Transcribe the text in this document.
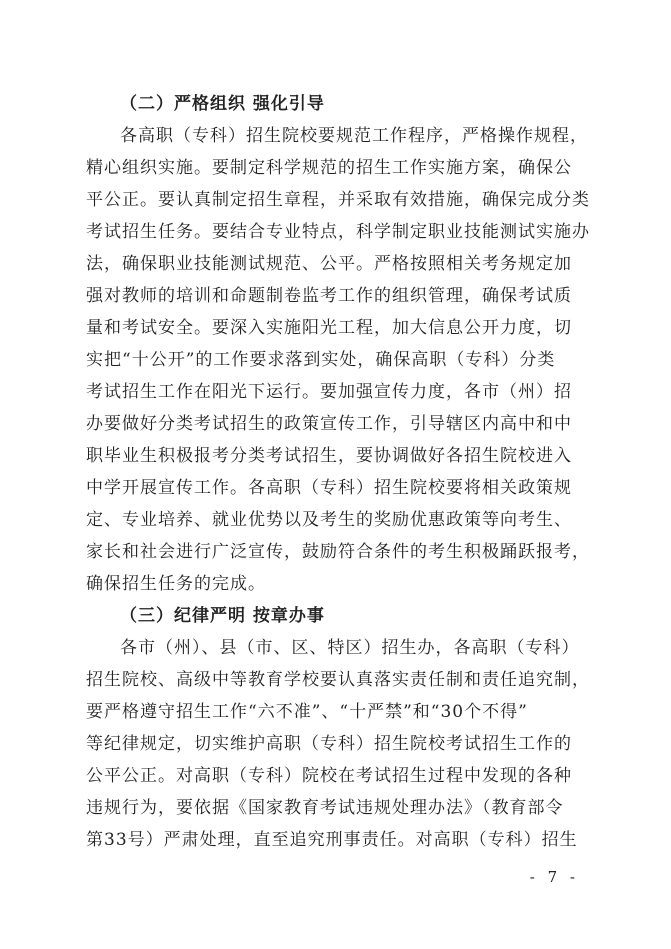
（二）严格组织 强化引导

各高职（专科）招生院校要规范工作程序，严格操作规程，

精心组织实施。要制定科学规范的招生工作实施方案，确保公

平公正。要认真制定招生章程，并采取有效措施，确保完成分类

考试招生任务。要结合专业特点，科学制定职业技能测试实施办

法，确保职业技能测试规范、公平。严格按照相关考务规定加

强对教师的培训和命题制卷监考工作的组织管理，确保考试质

量和考试安全。要深入实施阳光工程，加大信息公开力度，切

实把“十公开”的工作要求落到实处，确保高职（专科）分类

考试招生工作在阳光下运行。要加强宣传力度，各市（州）招

办要做好分类考试招生的政策宣传工作，引导辖区内高中和中

职毕业生积极报考分类考试招生，要协调做好各招生院校进入

中学开展宣传工作。各高职（专科）招生院校要将相关政策规

定、专业培养、就业优势以及考生的奖励优惠政策等向考生、

家长和社会进行广泛宣传，鼓励符合条件的考生积极踊跃报考，

确保招生任务的完成。

（三）纪律严明 按章办事

各市（州）、县（市、区、特区）招生办，各高职（专科）

招生院校、高级中等教育学校要认真落实责任制和责任追究制，

要严格遵守招生工作“六不准”、“十严禁”和“30个不得”

等纪律规定，切实维护高职（专科）招生院校考试招生工作的

公平公正。对高职（专科）院校在考试招生过程中发现的各种

违规行为，要依据《国家教育考试违规处理办法》（教育部令

第33号）严肃处理，直至追究刑事责任。对高职（专科）招生

- 7 -
